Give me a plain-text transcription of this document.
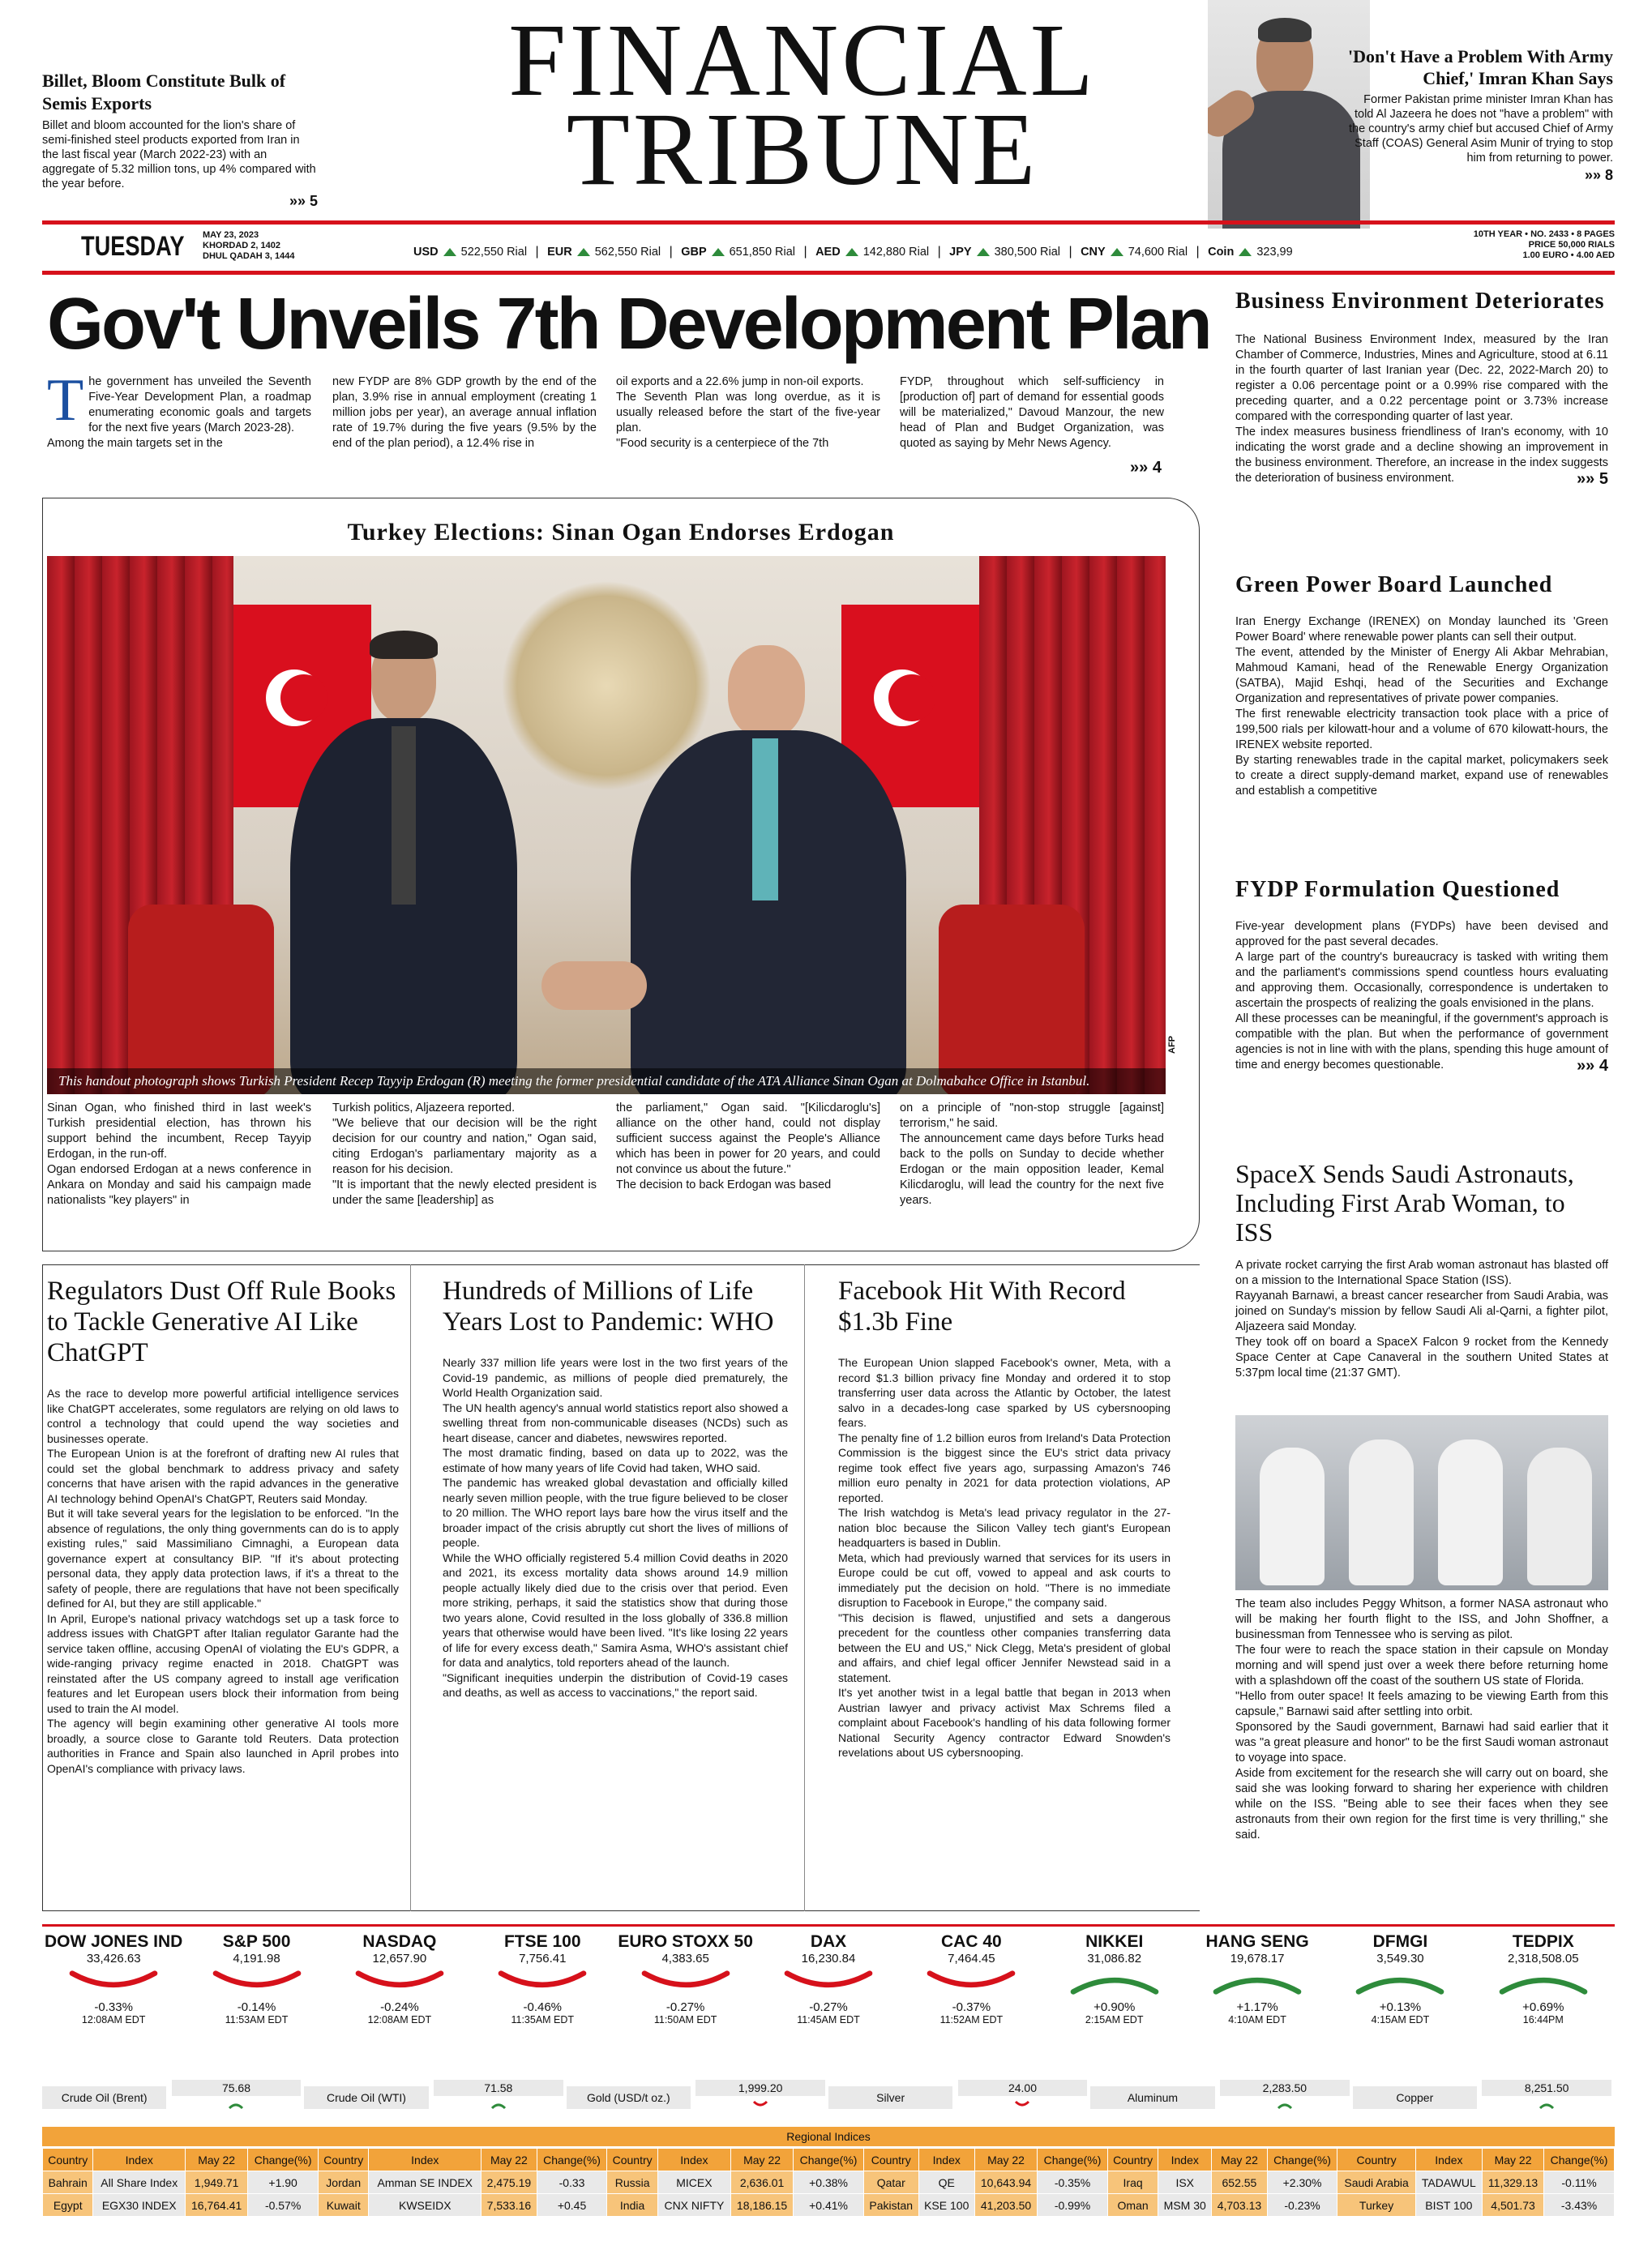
Billet, Bloom Constitute Bulk of Semis Exports
Billet and bloom accounted for the lion's share of semi-finished steel products exported from Iran in the last fiscal year (March 2022-23) with an aggregate of 5.32 million tons, up 4% compared with the year before.
»» 5
FINANCIAL
TRIBUNE
'Don't Have a Problem With Army Chief,' Imran Khan Says
Former Pakistan prime minister Imran Khan has told Al Jazeera he does not "have a problem" with the country's army chief but accused Chief of Army Staff (COAS) General Asim Munir of trying to stop him from returning to power.
»» 8
TUESDAY MAY 23, 2023
KHORDAD 2, 1402
DHUL QADAH 3, 1444	USD 522,550 Rial | EUR 562,550 Rial | GBP 651,850 Rial | AED 142,880 Rial | JPY 380,500 Rial | CNY 74,600 Rial | Coin 323,99
10TH YEAR • NO. 2433 • 8 PAGES
PRICE 50,000 RIALS
1.00 EURO • 4.00 AED
Gov't Unveils 7th Development Plan
The government has unveiled the Seventh Five-Year Development Plan, a roadmap enumerating economic goals and targets for the next five years (March 2023-28).
Among the main targets set in the
new FYDP are 8% GDP growth by the end of the plan, 3.9% rise in annual employment (creating 1 million jobs per year), an average annual inflation rate of 19.7% during the five years (9.5% by the end of the plan period), a 12.4% rise in
oil exports and a 22.6% jump in non-oil exports.
The Seventh Plan was long overdue, as it is usually released before the start of the five-year plan.
"Food security is a centerpiece of the 7th
FYDP, throughout which self-sufficiency in [production of] part of demand for essential goods will be materialized," Davoud Manzour, the new head of Plan and Budget Organization, was quoted as saying by Mehr News Agency.
»» 4
Turkey Elections: Sinan Ogan Endorses Erdogan
This handout photograph shows Turkish President Recep Tayyip Erdogan (R) meeting the former presidential candidate of the ATA Alliance Sinan Ogan at Dolmabahce Office in Istanbul.
AFP
Sinan Ogan, who finished third in last week's Turkish presidential election, has thrown his support behind the incumbent, Recep Tayyip Erdogan, in the run-off.
Ogan endorsed Erdogan at a news conference in Ankara on Monday and said his campaign made nationalists "key players" in
Turkish politics, Aljazeera reported.
"We believe that our decision will be the right decision for our country and nation," Ogan said, citing Erdogan's parliamentary majority as a reason for his decision.
"It is important that the newly elected president is under the same [leadership] as
the parliament," Ogan said. "[Kilicdaroglu's] alliance on the other hand, could not display sufficient success against the People's Alliance which has been in power for 20 years, and could not convince us about the future."
The decision to back Erdogan was based
on a principle of "non-stop struggle [against] terrorism," he said.
The announcement came days before Turks head back to the polls on Sunday to decide whether Erdogan or the main opposition leader, Kemal Kilicdaroglu, will lead the country for the next five years.
Business Environment Deteriorates
The National Business Environment Index, measured by the Iran Chamber of Commerce, Industries, Mines and Agriculture, stood at 6.11 in the fourth quarter of last Iranian year (Dec. 22, 2022-March 20) to register a 0.06 percentage point or a 0.99% rise compared with the preceding quarter, and a 0.22 percentage point or 3.73% increase compared with the corresponding quarter of last year.
The index measures business friendliness of Iran's economy, with 10 indicating the worst grade and a decline showing an improvement in the business environment. Therefore, an increase in the index suggests the deterioration of business environment.	»» 5
Green Power Board Launched
Iran Energy Exchange (IRENEX) on Monday launched its 'Green Power Board' where renewable power plants can sell their output.
The event, attended by the Minister of Energy Ali Akbar Mehrabian, Mahmoud Kamani, head of the Renewable Energy Organization (SATBA), Majid Eshqi, head of the Securities and Exchange Organization and representatives of private power companies.
The first renewable electricity transaction took place with a price of 199,500 rials per kilowatt-hour and a volume of 670 kilowatt-hours, the IRENEX website reported.
By starting renewables trade in the capital market, policymakers seek to create a direct supply-demand market, expand use of renewables and establish a competitive
FYDP Formulation Questioned
Five-year development plans (FYDPs) have been devised and approved for the past several decades.
A large part of the country's bureaucracy is tasked with writing them and the parliament's commissions spend countless hours evaluating and approving them. Occasionally, correspondence is undertaken to ascertain the prospects of realizing the goals envisioned in the plans.
All these processes can be meaningful, if the government's approach is compatible with the plan. But when the performance of government agencies is not in line with with the plans, spending this huge amount of time and energy becomes questionable.	»» 4
SpaceX Sends Saudi Astronauts, Including First Arab Woman, to ISS
A private rocket carrying the first Arab woman astronaut has blasted off on a mission to the International Space Station (ISS).
Rayyanah Barnawi, a breast cancer researcher from Saudi Arabia, was joined on Sunday's mission by fellow Saudi Ali al-Qarni, a fighter pilot, Aljazeera said Monday.
They took off on board a SpaceX Falcon 9 rocket from the Kennedy Space Center at Cape Canaveral in the southern United States at 5:37pm local time (21:37 GMT).
The team also includes Peggy Whitson, a former NASA astronaut who will be making her fourth flight to the ISS, and John Shoffner, a businessman from Tennessee who is serving as pilot.
The four were to reach the space station in their capsule on Monday morning and will spend just over a week there before returning home with a splashdown off the coast of the southern US state of Florida.
"Hello from outer space! It feels amazing to be viewing Earth from this capsule," Barnawi said after settling into orbit.
Sponsored by the Saudi government, Barnawi had said earlier that it was "a great pleasure and honor" to be the first Saudi woman astronaut to voyage into space.
Aside from excitement for the research she will carry out on board, she said she was looking forward to sharing her experience with children while on the ISS. "Being able to see their faces when they see astronauts from their own region for the first time is very thrilling," she said.
Regulators Dust Off Rule Books to Tackle Generative AI Like ChatGPT
As the race to develop more powerful artificial intelligence services like ChatGPT accelerates, some regulators are relying on old laws to control a technology that could upend the way societies and businesses operate.
The European Union is at the forefront of drafting new AI rules that could set the global benchmark to address privacy and safety concerns that have arisen with the rapid advances in the generative AI technology behind OpenAI's ChatGPT, Reuters said Monday.
But it will take several years for the legislation to be enforced. "In the absence of regulations, the only thing governments can do is to apply existing rules," said Massimiliano Cimnaghi, a European data governance expert at consultancy BIP. "If it's about protecting personal data, they apply data protection laws, if it's a threat to the safety of people, there are regulations that have not been specifically defined for AI, but they are still applicable."
In April, Europe's national privacy watchdogs set up a task force to address issues with ChatGPT after Italian regulator Garante had the service taken offline, accusing OpenAI of violating the EU's GDPR, a wide-ranging privacy regime enacted in 2018. ChatGPT was reinstated after the US company agreed to install age verification features and let European users block their information from being used to train the AI model.
The agency will begin examining other generative AI tools more broadly, a source close to Garante told Reuters. Data protection authorities in France and Spain also launched in April probes into OpenAI's compliance with privacy laws.
Hundreds of Millions of Life Years Lost to Pandemic: WHO
Nearly 337 million life years were lost in the two first years of the Covid-19 pandemic, as millions of people died prematurely, the World Health Organization said.
The UN health agency's annual world statistics report also showed a swelling threat from non-communicable diseases (NCDs) such as heart disease, cancer and diabetes, newswires reported.
The most dramatic finding, based on data up to 2022, was the estimate of how many years of life Covid had taken, WHO said.
The pandemic has wreaked global devastation and officially killed nearly seven million people, with the true figure believed to be closer to 20 million. The WHO report lays bare how the virus itself and the broader impact of the crisis abruptly cut short the lives of millions of people.
While the WHO officially registered 5.4 million Covid deaths in 2020 and 2021, its excess mortality data shows around 14.9 million people actually likely died due to the crisis over that period. Even more striking, perhaps, it said the statistics show that during those two years alone, Covid resulted in the loss globally of 336.8 million years that otherwise would have been lived. "It's like losing 22 years of life for every excess death," Samira Asma, WHO's assistant chief for data and analytics, told reporters ahead of the launch.
"Significant inequities underpin the distribution of Covid-19 cases and deaths, as well as access to vaccinations," the report said.
Facebook Hit With Record $1.3b Fine
The European Union slapped Facebook's owner, Meta, with a record $1.3 billion privacy fine Monday and ordered it to stop transferring user data across the Atlantic by October, the latest salvo in a decades-long case sparked by US cybersnooping fears.
The penalty fine of 1.2 billion euros from Ireland's Data Protection Commission is the biggest since the EU's strict data privacy regime took effect five years ago, surpassing Amazon's 746 million euro penalty in 2021 for data protection violations, AP reported.
The Irish watchdog is Meta's lead privacy regulator in the 27-nation bloc because the Silicon Valley tech giant's European headquarters is based in Dublin.
Meta, which had previously warned that services for its users in Europe could be cut off, vowed to appeal and ask courts to immediately put the decision on hold. "There is no immediate disruption to Facebook in Europe," the company said.
"This decision is flawed, unjustified and sets a dangerous precedent for the countless other companies transferring data between the EU and US," Nick Clegg, Meta's president of global and affairs, and chief legal officer Jennifer Newstead said in a statement.
It's yet another twist in a legal battle that began in 2013 when Austrian lawyer and privacy activist Max Schrems filed a complaint about Facebook's handling of his data following former National Security Agency contractor Edward Snowden's revelations about US cybersnooping.
DOW JONES IND
33,426.63
-0.33%
12:08AM EDT
S&P 500
4,191.98
-0.14%
11:53AM EDT
NASDAQ
12,657.90
-0.24%
12:08AM EDT
FTSE 100
7,756.41
-0.46%
11:35AM EDT
EURO STOXX 50
4,383.65
-0.27%
11:50AM EDT
DAX
16,230.84
-0.27%
11:45AM EDT
CAC 40
7,464.45
-0.37%
11:52AM EDT
NIKKEI
31,086.82
+0.90%
2:15AM EDT
HANG SENG
19,678.17
+1.17%
4:10AM EDT
DFMGI
3,549.30
+0.13%
4:15AM EDT
TEDPIX
2,318,508.05
+0.69%
16:44PM
Crude Oil (Brent)
75.68
Crude Oil (WTI)
71.58
Gold (USD/t oz.)
1,999.20
Silver
24.00
Aluminum
2,283.50
Copper
8,251.50
Regional Indices
Country	Index	May 22	Change(%)	Country	Index	May 22	Change(%)	Country	Index	May 22	Change(%)	Country	Index	May 22	Change(%)	Country	Index	May 22	Change(%)	Country	Index	May 22	Change(%)
Bahrain	All Share Index	1,949.71	+1.90	Jordan	Amman SE INDEX	2,475.19	-0.33	Russia	MICEX	2,636.01	+0.38%	Qatar	QE	10,643.94	-0.35%	Iraq	ISX	652.55	+2.30%	Saudi Arabia	TADAWUL	11,329.13	-0.11%
Egypt	EGX30 INDEX	16,764.41	-0.57%	Kuwait	KWSEIDX	7,533.16	+0.45	India	CNX NIFTY	18,186.15	+0.41%	Pakistan	KSE 100	41,203.50	-0.99%	Oman	MSM 30	4,703.13	-0.23%	Turkey	BIST 100	4,501.73	-3.43%
